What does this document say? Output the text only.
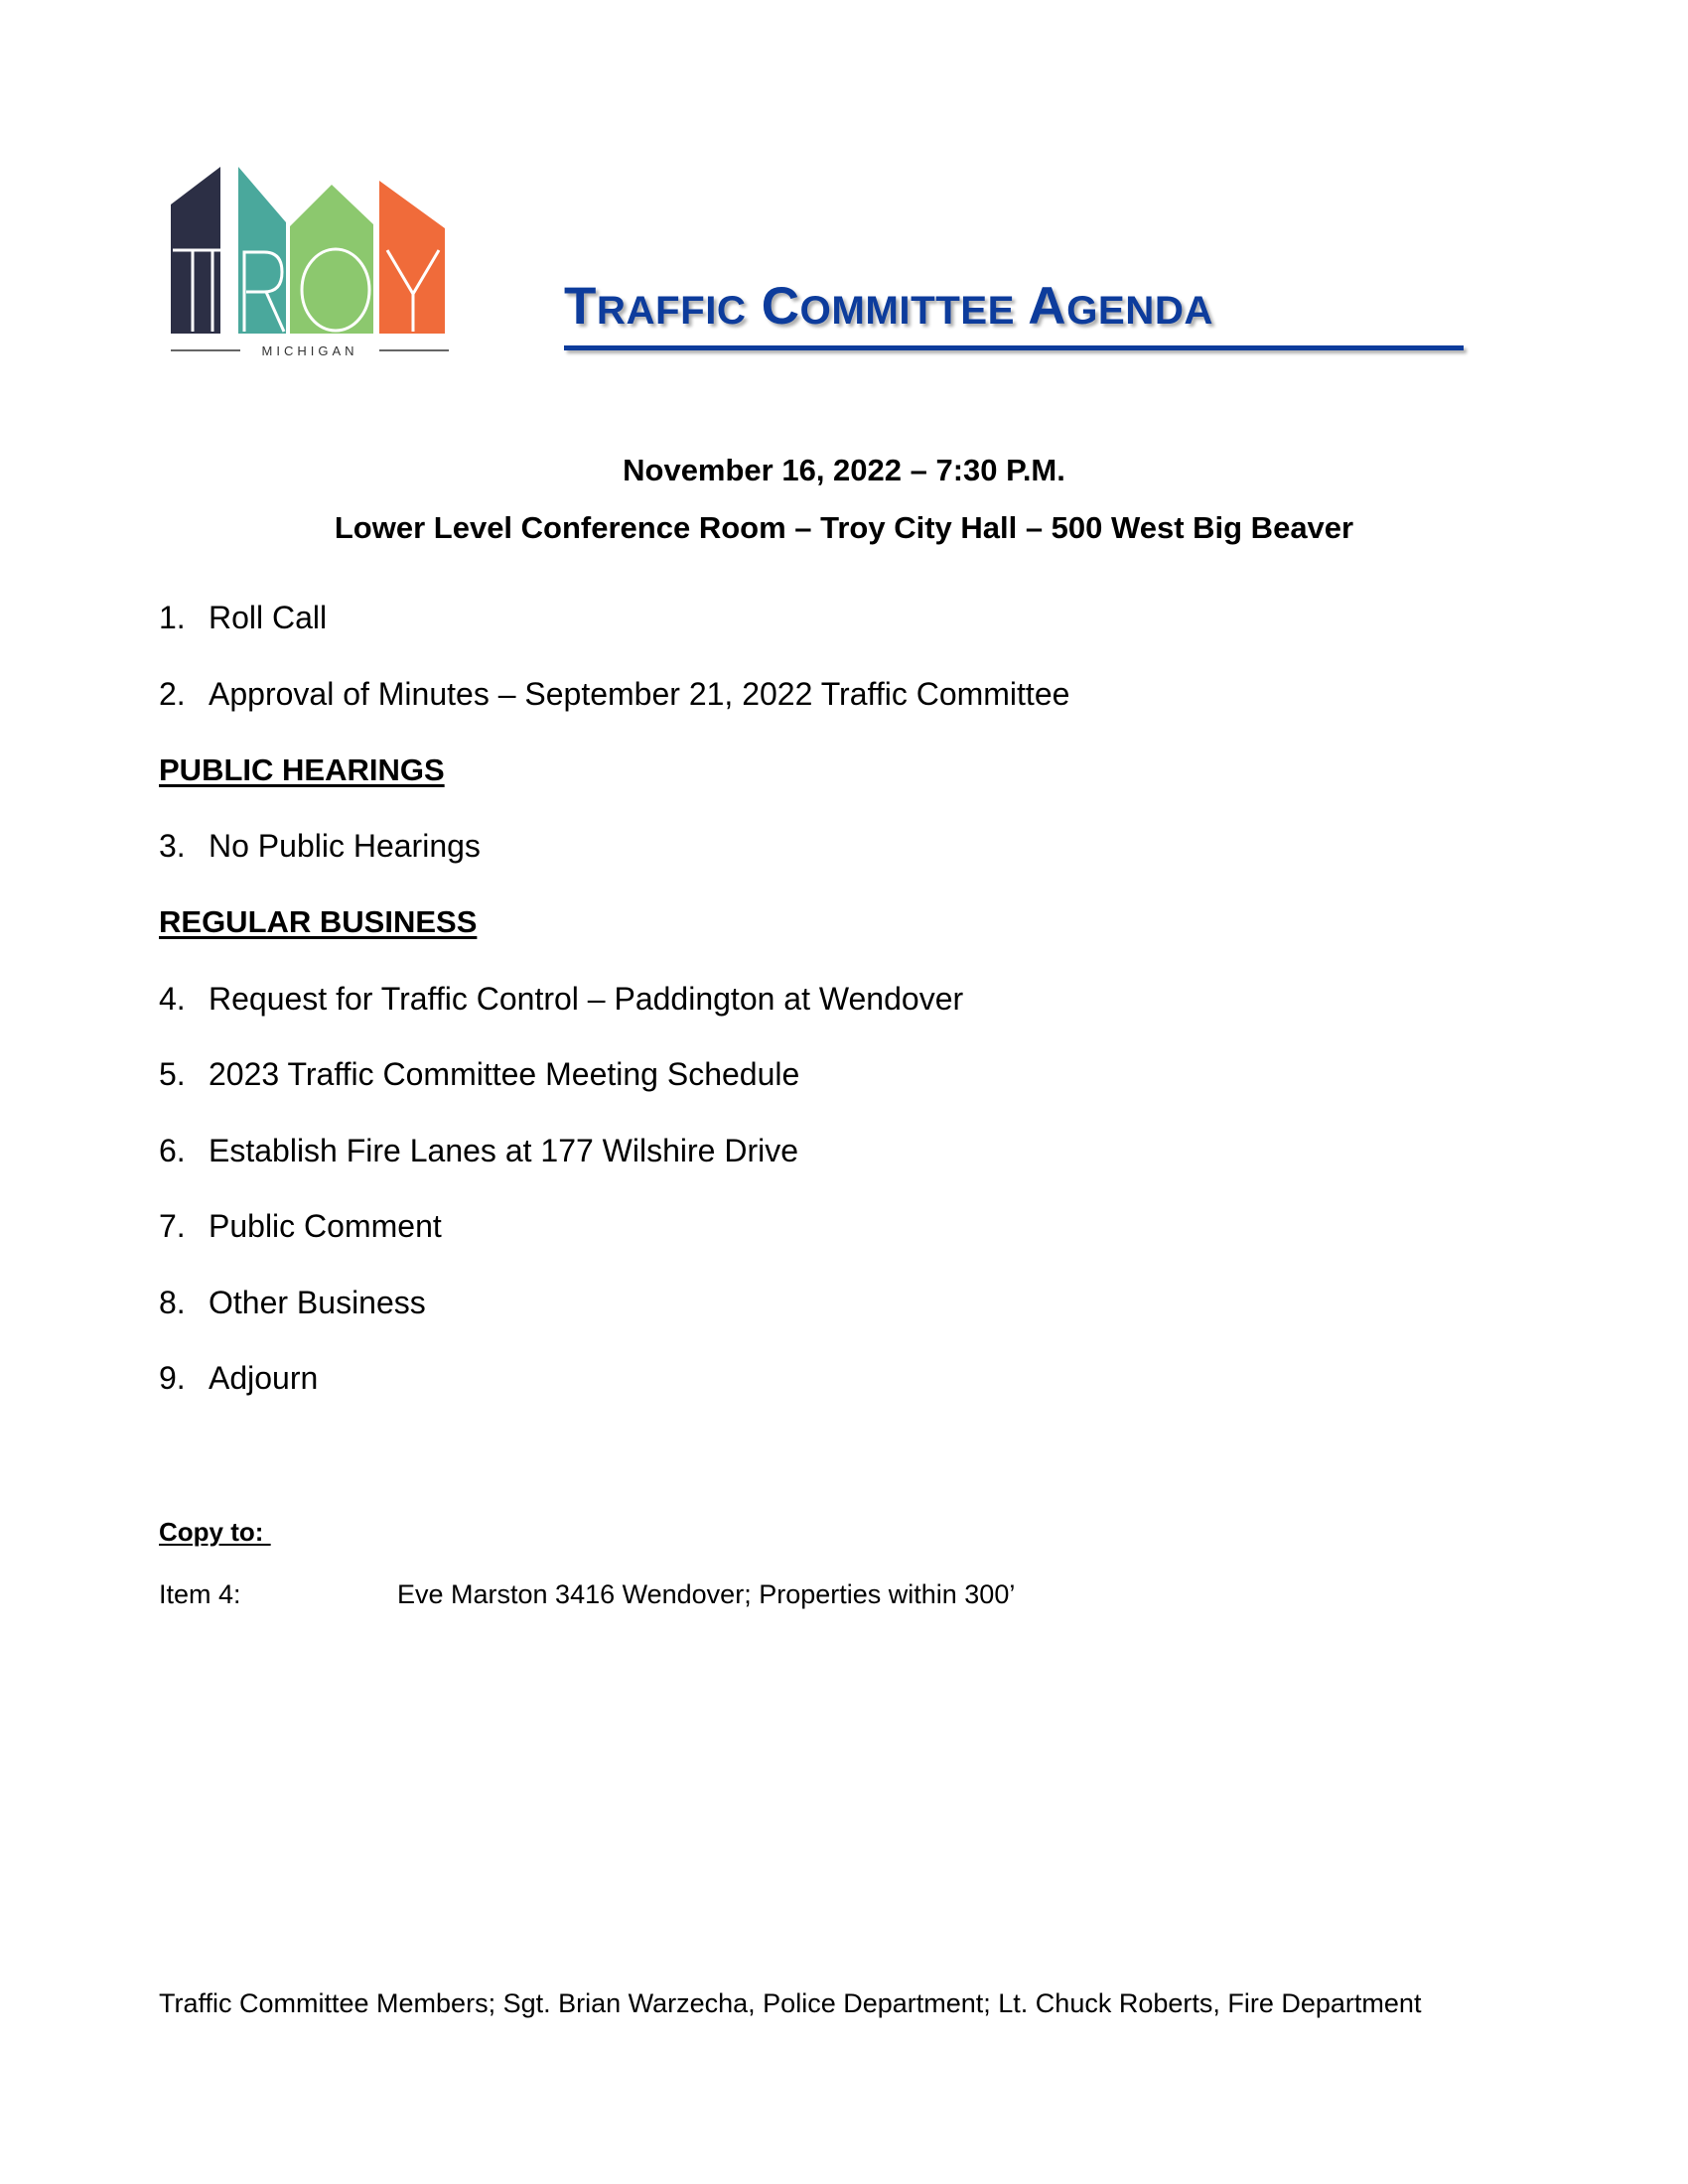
MICHIGAN
TRAFFIC COMMITTEE AGENDA
November 16, 2022 – 7:30 P.M.
Lower Level Conference Room – Troy City Hall – 500 West Big Beaver
1. Roll Call
2. Approval of Minutes – September 21, 2022 Traffic Committee
PUBLIC HEARINGS
3. No Public Hearings
REGULAR BUSINESS
4. Request for Traffic Control – Paddington at Wendover
5. 2023 Traffic Committee Meeting Schedule
6. Establish Fire Lanes at 177 Wilshire Drive
7. Public Comment
8. Other Business
9. Adjourn
Copy to:
Item 4:	Eve Marston 3416 Wendover; Properties within 300’
Traffic Committee Members; Sgt. Brian Warzecha, Police Department; Lt. Chuck Roberts, Fire Department
